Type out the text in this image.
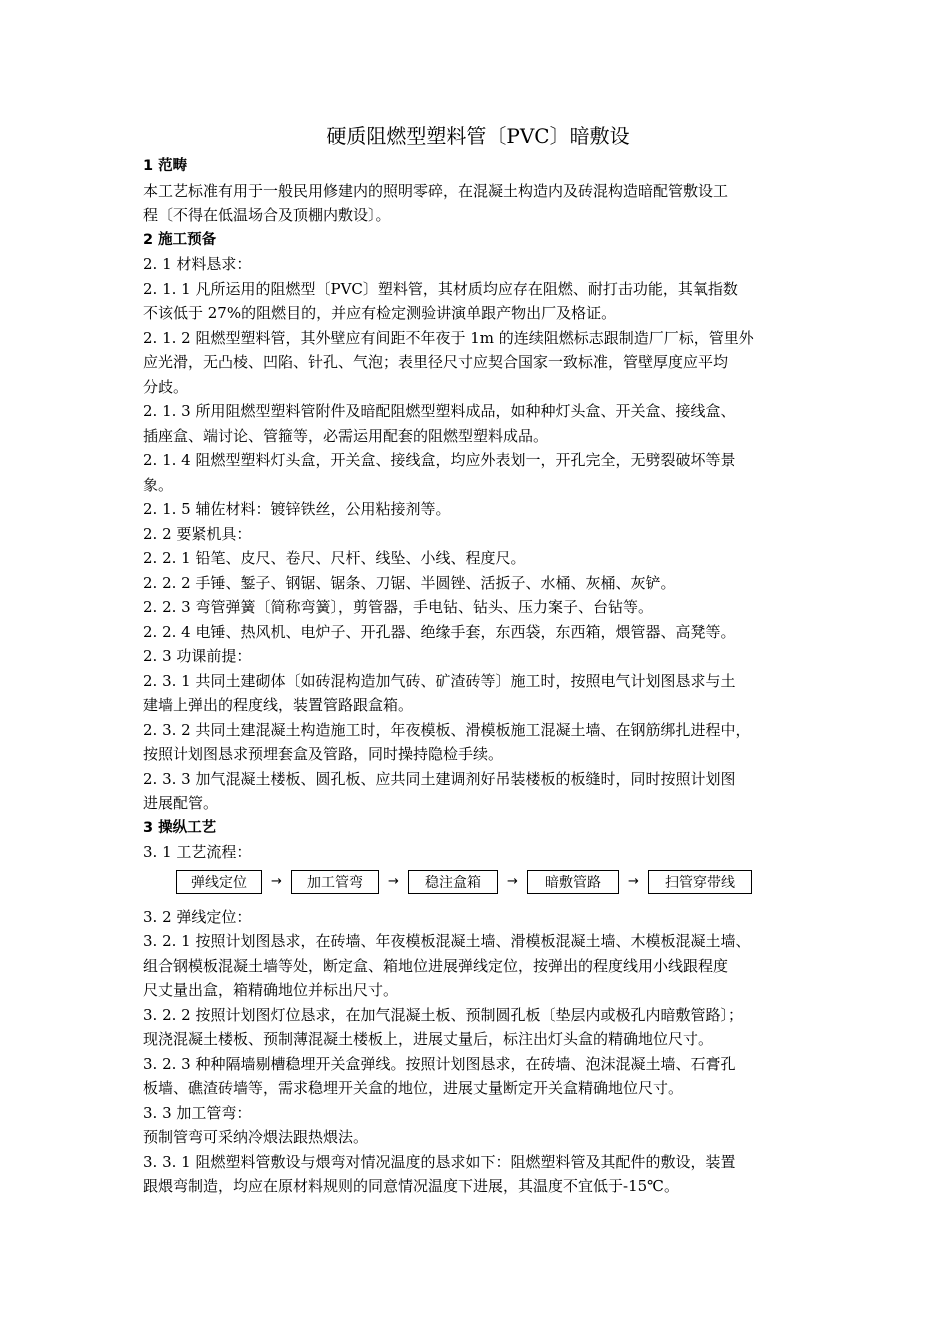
硬质阻燃型塑料管〔PVC〕暗敷设

1 范畴

本工艺标准有用于一般民用修建内的照明零碎，在混凝土构造内及砖混构造暗配管敷设工

程〔不得在低温场合及顶棚内敷设〕。

2 施工预备

2. 1 材料恳求：

2. 1. 1 凡所运用的阻燃型〔PVC〕塑料管，其材质均应存在阻燃、耐打击功能，其氧指数

不该低于 27%的阻燃目的，并应有检定测验讲演单跟产物出厂及格证。

2. 1. 2 阻燃型塑料管，其外壁应有间距不年夜于 1m 的连续阻燃标志跟制造厂厂标，管里外

应光滑，无凸棱、凹陷、针孔、气泡；表里径尺寸应契合国家一致标准，管壁厚度应平均

分歧。

2. 1. 3 所用阻燃型塑料管附件及暗配阻燃型塑料成品，如种种灯头盒、开关盒、接线盒、

插座盒、端讨论、管箍等，必需运用配套的阻燃型塑料成品。

2. 1. 4 阻燃型塑料灯头盒，开关盒、接线盒，均应外表划一，开孔完全，无劈裂破坏等景

象。

2. 1. 5 辅佐材料：镀锌铁丝，公用粘接剂等。

2. 2 要紧机具：

2. 2. 1 铅笔、皮尺、卷尺、尺杆、线坠、小线、程度尺。

2. 2. 2 手锤、錾子、钢锯、锯条、刀锯、半圆锉、活扳子、水桶、灰桶、灰铲。

2. 2. 3 弯管弹簧〔简称弯簧〕，剪管器，手电钻、钻头、压力案子、台钻等。

2. 2. 4 电锤、热风机、电炉子、开孔器、绝缘手套，东西袋，东西箱，煨管器、高凳等。

2. 3 功课前提：

2. 3. 1 共同土建砌体〔如砖混构造加气砖、矿渣砖等〕施工时，按照电气计划图恳求与土

建墙上弹出的程度线，装置管路跟盒箱。

2. 3. 2 共同土建混凝土构造施工时，年夜模板、滑模板施工混凝土墙、在钢筋绑扎进程中，

按照计划图恳求预埋套盒及管路，同时操持隐检手续。

2. 3. 3 加气混凝土楼板、圆孔板、应共同土建调剂好吊装楼板的板缝时，同时按照计划图

进展配管。

3 操纵工艺

3. 1 工艺流程：

弹线定位	→	加工管弯	→	稳注盒箱	→	暗敷管路	→	扫管穿带线

3. 2 弹线定位：

3. 2. 1 按照计划图恳求，在砖墙、年夜模板混凝土墙、滑模板混凝土墙、木模板混凝土墙、

组合钢模板混凝土墙等处，断定盒、箱地位进展弹线定位，按弹出的程度线用小线跟程度

尺丈量出盒，箱精确地位并标出尺寸。

3. 2. 2 按照计划图灯位恳求，在加气混凝土板、预制圆孔板〔垫层内或极孔内暗敷管路〕；

现浇混凝土楼板、预制薄混凝土楼板上，进展丈量后，标注出灯头盒的精确地位尺寸。

3. 2. 3 种种隔墙剔槽稳埋开关盒弹线。按照计划图恳求，在砖墙、泡沫混凝土墙、石膏孔

板墙、礁渣砖墙等，需求稳埋开关盒的地位，进展丈量断定开关盒精确地位尺寸。

3. 3 加工管弯：

预制管弯可采纳冷煨法跟热煨法。

3. 3. 1 阻燃塑料管敷设与煨弯对情况温度的恳求如下：阻燃塑料管及其配件的敷设，装置

跟煨弯制造，均应在原材料规则的同意情况温度下进展，其温度不宜低于-15℃。
